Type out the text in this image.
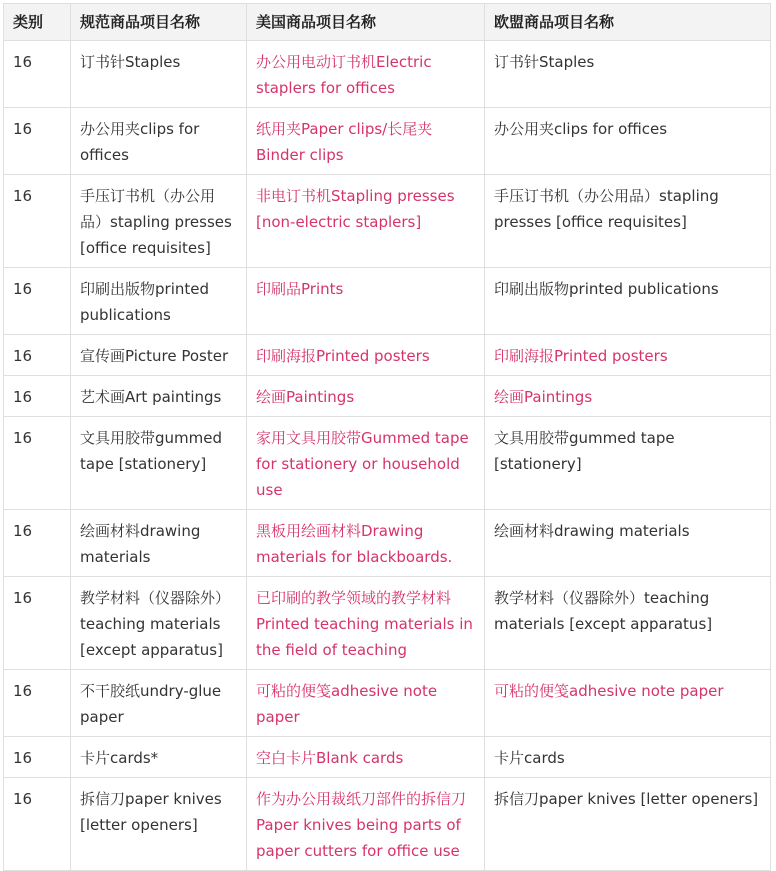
类别	规范商品项目名称	美国商品项目名称	欧盟商品项目名称
16	订书针Staples	办公用电动订书机Electric staplers for offices	订书针Staples
16	办公用夹clips for offices	纸用夹Paper clips/长尾夹Binder clips	办公用夹clips for offices
16	手压订书机（办公用品）stapling presses [office requisites]	非电订书机Stapling presses [non-electric staplers]	手压订书机（办公用品）stapling presses [office requisites]
16	印刷出版物printed publications	印刷品Prints	印刷出版物printed publications
16	宣传画Picture Poster	印刷海报Printed posters	印刷海报Printed posters
16	艺术画Art paintings	绘画Paintings	绘画Paintings
16	文具用胶带gummed tape [stationery]	家用文具用胶带Gummed tape for stationery or household use	文具用胶带gummed tape [stationery]
16	绘画材料drawing materials	黑板用绘画材料Drawing materials for blackboards.	绘画材料drawing materials
16	教学材料（仪器除外）teaching materials [except apparatus]	已印刷的教学领域的教学材料Printed teaching materials in the field of teaching	教学材料（仪器除外）teaching materials [except apparatus]
16	不干胶纸undry-glue paper	可粘的便笺adhesive note paper	可粘的便笺adhesive note paper
16	卡片cards*	空白卡片Blank cards	卡片cards
16	拆信刀paper knives [letter openers]	作为办公用裁纸刀部件的拆信刀Paper knives being parts of paper cutters for office use	拆信刀paper knives [letter openers]
